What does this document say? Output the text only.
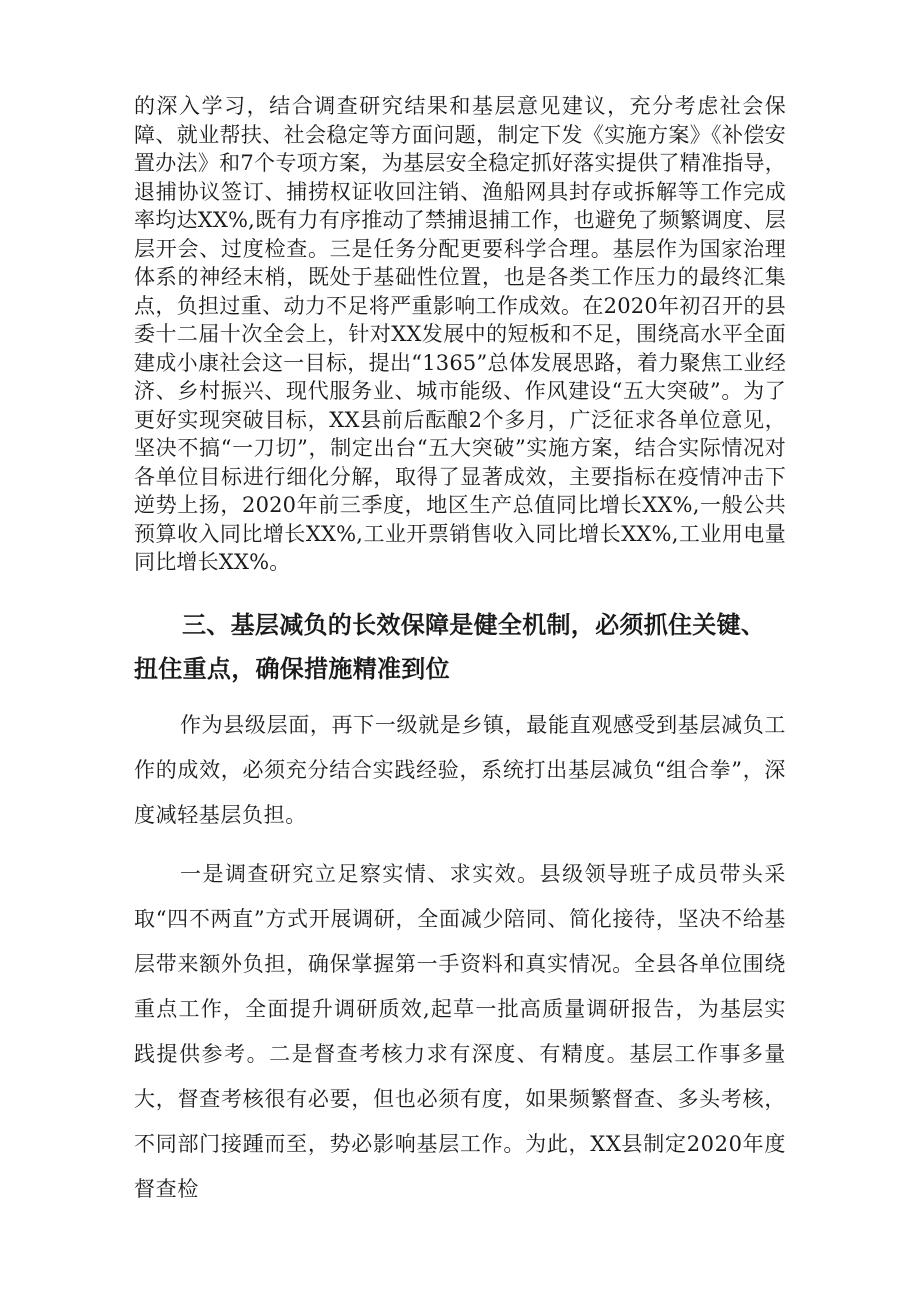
的深入学习，结合调查研究结果和基层意见建议，充分考虑社会保障、就业帮扶、社会稳定等方面问题，制定下发《实施方案》《补偿安置办法》和7个专项方案，为基层安全稳定抓好落实提供了精准指导，退捕协议签订、捕捞权证收回注销、渔船网具封存或拆解等工作完成率均达XX%,既有力有序推动了禁捕退捕工作，也避免了频繁调度、层层开会、过度检查。三是任务分配更要科学合理。基层作为国家治理体系的神经末梢，既处于基础性位置，也是各类工作压力的最终汇集点，负担过重、动力不足将严重影响工作成效。在2020年初召开的县委十二届十次全会上，针对XX发展中的短板和不足，围绕高水平全面建成小康社会这一目标，提出“1365”总体发展思路，着力聚焦工业经济、乡村振兴、现代服务业、城市能级、作风建设“五大突破”。为了更好实现突破目标，XX县前后酝酿2个多月，广泛征求各单位意见，坚决不搞“一刀切”，制定出台“五大突破”实施方案，结合实际情况对各单位目标进行细化分解，取得了显著成效，主要指标在疫情冲击下逆势上扬，2020年前三季度，地区生产总值同比增长XX%,一般公共预算收入同比增长XX%,工业开票销售收入同比增长XX%,工业用电量同比增长XX%。

三、基层减负的长效保障是健全机制，必须抓住关键、扭住重点，确保措施精准到位

作为县级层面，再下一级就是乡镇，最能直观感受到基层减负工作的成效，必须充分结合实践经验，系统打出基层减负“组合拳”，深度减轻基层负担。

一是调查研究立足察实情、求实效。县级领导班子成员带头采取“四不两直”方式开展调研，全面减少陪同、简化接待，坚决不给基层带来额外负担，确保掌握第一手资料和真实情况。全县各单位围绕重点工作，全面提升调研质效,起草一批高质量调研报告，为基层实践提供参考。二是督查考核力求有深度、有精度。基层工作事多量大，督查考核很有必要，但也必须有度，如果频繁督查、多头考核，不同部门接踵而至，势必影响基层工作。为此，XX县制定2020年度督查检
